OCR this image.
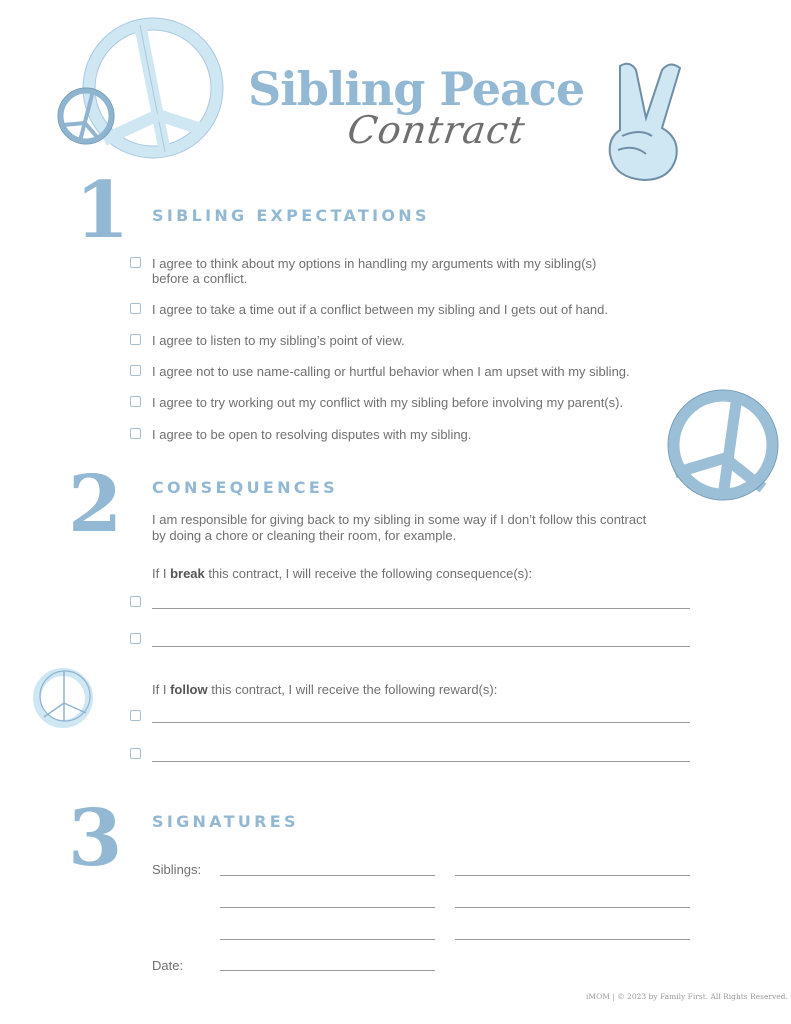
Sibling Peace
Contract
1 SIBLING EXPECTATIONS
I agree to think about my options in handling my arguments with my sibling(s)
before a conflict.
I agree to take a time out if a conflict between my sibling and I gets out of hand.
I agree to listen to my sibling’s point of view.
I agree not to use name-calling or hurtful behavior when I am upset with my sibling.
I agree to try working out my conflict with my sibling before involving my parent(s).
I agree to be open to resolving disputes with my sibling.
2 CONSEQUENCES
I am responsible for giving back to my sibling in some way if I don’t follow this contract
by doing a chore or cleaning their room, for example.
If I break this contract, I will receive the following consequence(s):
If I follow this contract, I will receive the following reward(s):
3 SIGNATURES
Siblings:
Date:
iMOM | © 2023 by Family First. All Rights Reserved.
